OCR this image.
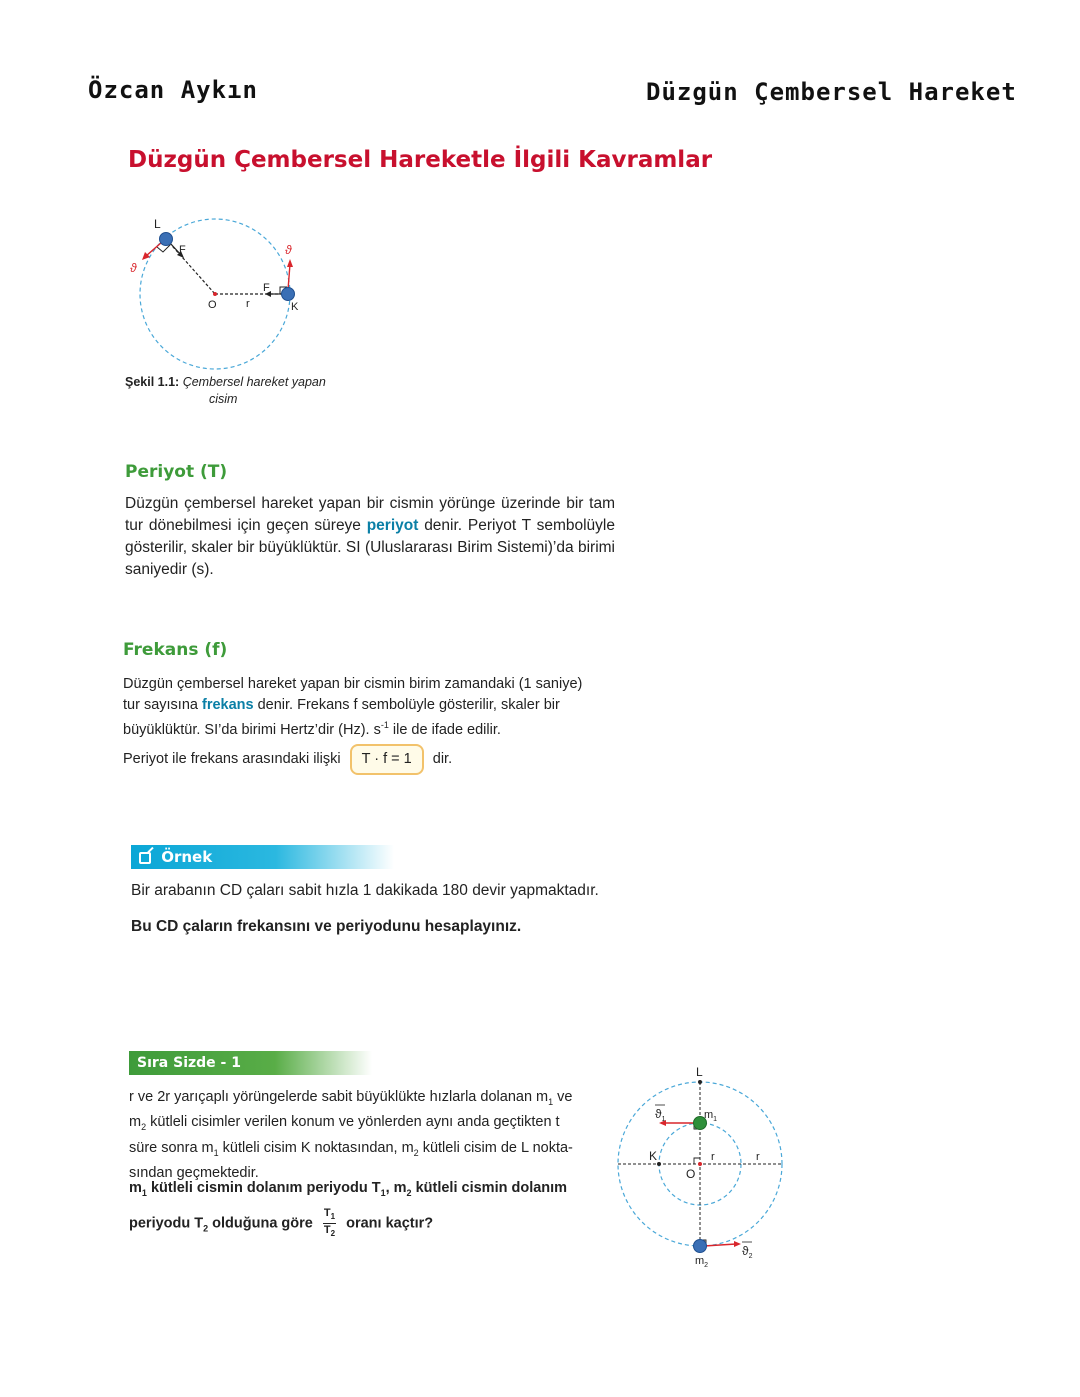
Özcan Aykın	Düzgün Çembersel Hareket
Düzgün Çembersel Hareketle İlgili Kavramlar
L
F
ϑ
ϑ
F
O	r	K
Şekil 1.1: Çembersel hareket yapan
cisim
Periyot (T)
Düzgün çembersel hareket yapan bir cismin yörünge üzerinde bir tam tur dönebilmesi için geçen süreye periyot denir. Periyot T sembolüyle gösterilir, skaler bir büyüklüktür. SI (Uluslararası Birim Sistemi)’da birimi saniyedir (s).
Frekans (f)
Düzgün çembersel hareket yapan bir cismin birim zamandaki (1 saniye)
tur sayısına frekans denir. Frekans f sembolüyle gösterilir, skaler bir
büyüklüktür. SI’da birimi Hertz’dir (Hz). $s^{-1}$ ile de ifade edilir.
Periyot ile frekans arasındaki ilişki T · f = 1 dir.
Örnek
Bir arabanın CD çaları sabit hızla 1 dakikada 180 devir yapmaktadır.
Bu CD çaların frekansını ve periyodunu hesaplayınız.
Sıra Sizde - 1
r ve 2r yarıçaplı yörüngelerde sabit büyüklükte hızlarla dolanan $m_1$ ve
$m_2$ kütleli cisimler verilen konum ve yönlerden aynı anda geçtikten t
süre sonra $m_1$ kütleli cisim K noktasından, $m_2$ kütleli cisim de L nokta-
sından geçmektedir.
$m_1$ kütleli cismin dolanım periyodu $T_1$, $m_2$ kütleli cismin dolanım
periyodu $T_2$ olduğuna göre $\frac{T_1}{T_2}$ oranı kaçtır?
L
$m_1$
$ϑ_1$
K	r	r
O
$m_2$
$ϑ_2$
